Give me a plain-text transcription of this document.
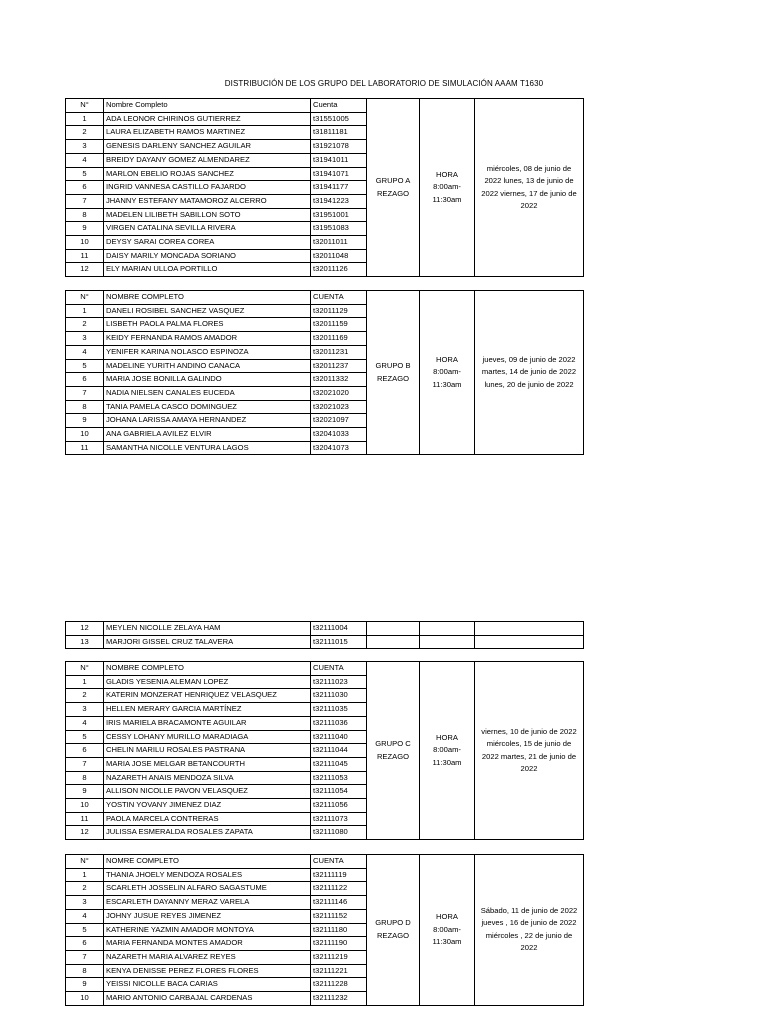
DISTRIBUCIÓN DE LOS GRUPO DEL LABORATORIO DE SIMULACIÓN AAAM T1630
N°	Nombre Completo	Cuenta	GRUPO A REZAGO	HORA 8:00am-11:30am	miércoles, 08 de junio de 2022 lunes, 13 de junio de 2022 viernes, 17 de junio de 2022
1	ADA LEONOR CHIRINOS GUTIERREZ	t31551005			
2	LAURA ELIZABETH RAMOS MARTINEZ	t31811181			
3	GENESIS DARLENY SANCHEZ AGUILAR	t31921078			
4	BREIDY DAYANY GOMEZ ALMENDAREZ	t31941011			
5	MARLON EBELIO ROJAS SANCHEZ	t31941071			
6	INGRID VANNESA CASTILLO FAJARDO	t31941177			
7	JHANNY ESTEFANY MATAMOROZ ALCERRO	t31941223			
8	MADELEN LILIBETH SABILLON SOTO	t31951001			
9	VIRGEN CATALINA SEVILLA RIVERA	t31951083			
10	DEYSY SARAI COREA COREA	t32011011			
11	DAISY MARILY MONCADA SORIANO	t32011048			
12	ELY MARIAN ULLOA PORTILLO	t32011126			
N°	NOMBRE COMPLETO	CUENTA	GRUPO B REZAGO	HORA 8:00am-11:30am	jueves, 09 de junio de 2022 martes, 14 de junio de 2022 lunes, 20 de junio de 2022
1	DANELI ROSIBEL SANCHEZ VASQUEZ	t32011129			
2	LISBETH PAOLA PALMA FLORES	t32011159			
3	KEIDY FERNANDA RAMOS AMADOR	t32011169			
4	YENIFER KARINA NOLASCO ESPINOZA	t32011231			
5	MADELINE YURITH ANDINO CANACA	t32011237			
6	MARIA JOSE BONILLA GALINDO	t32011332			
7	NADIA NIELSEN CANALES EUCEDA	t32021020			
8	TANIA PAMELA CASCO DOMINGUEZ	t32021023			
9	JOHANA LARISSA AMAYA HERNANDEZ	t32021097			
10	ANA GABRIELA AVILEZ ELVIR	t32041033			
11	SAMANTHA NICOLLE VENTURA LAGOS	t32041073			
12	MEYLEN NICOLLE ZELAYA HAM	t32111004			
13	MARJORI GISSEL CRUZ TALAVERA	t32111015			
N°	NOMBRE COMPLETO	CUENTA	GRUPO C REZAGO	HORA 8:00am-11:30am	viernes, 10 de junio de 2022 miércoles, 15 de junio de 2022 martes, 21 de junio de 2022
1	GLADIS YESENIA ALEMAN LOPEZ	t32111023			
2	KATERIN MONZERAT HENRIQUEZ VELASQUEZ	t32111030			
3	HELLEN MERARY GARCIA MARTÍNEZ	t32111035			
4	IRIS MARIELA BRACAMONTE AGUILAR	t32111036			
5	CESSY LOHANY MURILLO MARADIAGA	t32111040			
6	CHELIN MARILU ROSALES PASTRANA	t32111044			
7	MARIA JOSE MELGAR BETANCOURTH	t32111045			
8	NAZARETH ANAIS MENDOZA SILVA	t32111053			
9	ALLISON NICOLLE PAVON VELASQUEZ	t32111054			
10	YOSTIN YOVANY JIMENEZ DIAZ	t32111056			
11	PAOLA MARCELA CONTRERAS	t32111073			
12	JULISSA ESMERALDA ROSALES ZAPATA	t32111080			
N°	NOMRE COMPLETO	CUENTA	GRUPO D REZAGO	HORA 8:00am-11:30am	Sábado, 11 de junio de 2022 jueves , 16 de junio de 2022 miércoles , 22 de junio de 2022
1	THANIA JHOELY MENDOZA ROSALES	t32111119			
2	SCARLETH JOSSELIN ALFARO SAGASTUME	t32111122			
3	ESCARLETH DAYANNY MERAZ VARELA	t32111146			
4	JOHNY JUSUE REYES JIMENEZ	t32111152			
5	KATHERINE YAZMIN AMADOR MONTOYA	t32111180			
6	MARIA FERNANDA MONTES AMADOR	t32111190			
7	NAZARETH MARIA ALVAREZ REYES	t32111219			
8	KENYA DENISSE PEREZ FLORES FLORES	t32111221			
9	YEISSI NICOLLE BACA CARIAS	t32111228			
10	MARIO ANTONIO CARBAJAL CARDENAS	t32111232			
